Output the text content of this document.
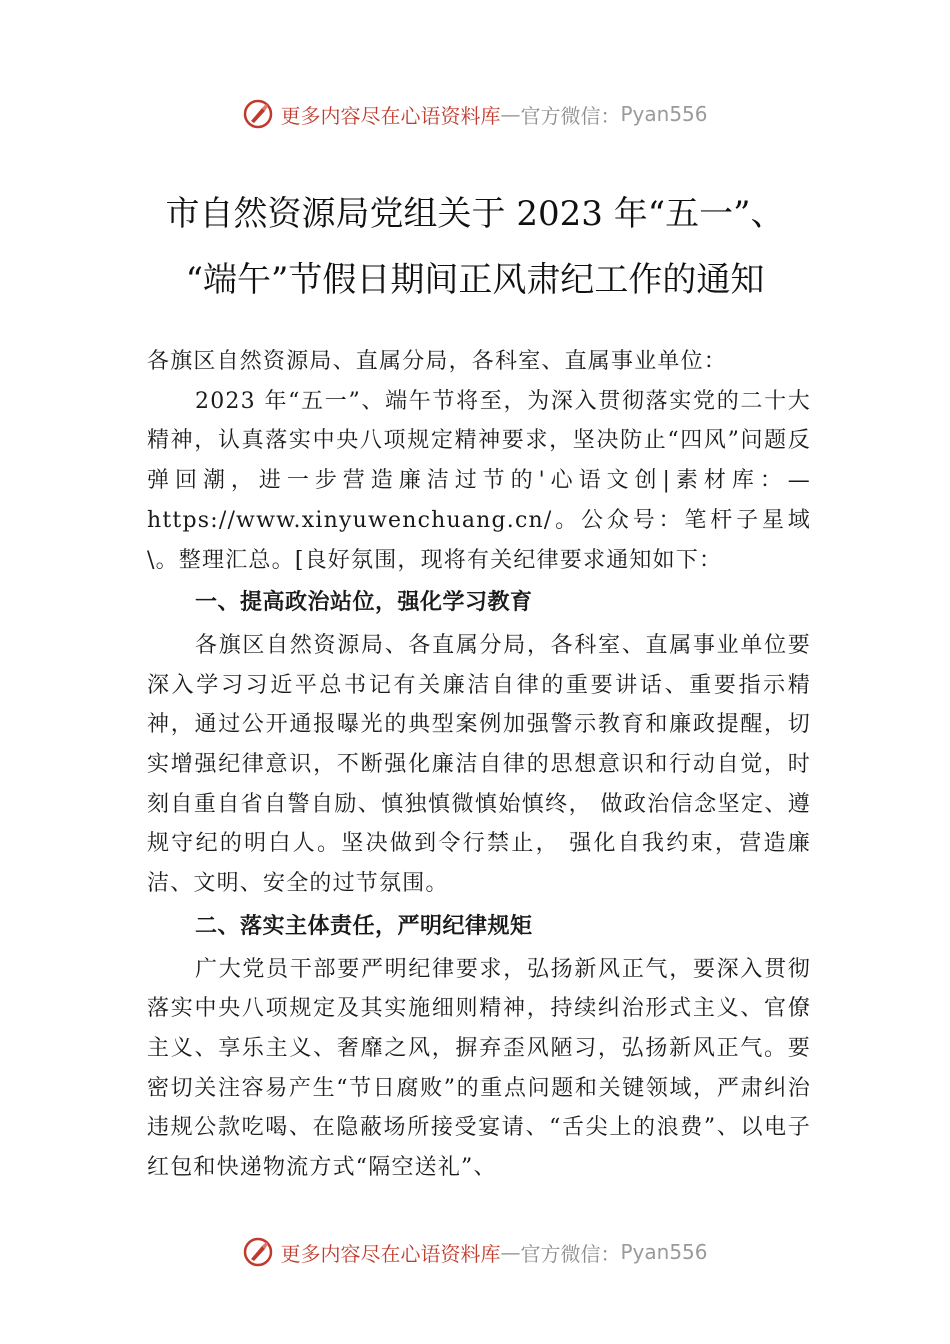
更多内容尽在心语资料库 — 官方微信： Pyan556
市自然资源局党组关于 2023 年“五一”、
“端午”节假日期间正风肃纪工作的通知

各旗区自然资源局、直属分局，各科室、直属事业单位：

2023 年“五一”、端午节将至，为深入贯彻落实党的二十大精神，认真落实中央八项规定精神要求，坚决防止“四风”问题反弹回潮，进一步营造廉洁过节的'心语文创|素材库：—https://www.xinyuwenchuang.cn/。公众号：笔杆子星域\。整理汇总。[良好氛围，现将有关纪律要求通知如下：

一、提高政治站位，强化学习教育

各旗区自然资源局、各直属分局，各科室、直属事业单位要深入学习习近平总书记有关廉洁自律的重要讲话、重要指示精神，通过公开通报曝光的典型案例加强警示教育和廉政提醒，切实增强纪律意识，不断强化廉洁自律的思想意识和行动自觉，时刻自重自省自警自励、慎独慎微慎始慎终， 做政治信念坚定、遵规守纪的明白人。坚决做到令行禁止， 强化自我约束，营造廉洁、文明、安全的过节氛围。

二、落实主体责任，严明纪律规矩

广大党员干部要严明纪律要求，弘扬新风正气，要深入贯彻落实中央八项规定及其实施细则精神，持续纠治形式主义、官僚主义、享乐主义、奢靡之风，摒弃歪风陋习，弘扬新风正气。要密切关注容易产生“节日腐败”的重点问题和关键领域，严肃纠治违规公款吃喝、在隐蔽场所接受宴请、“舌尖上的浪费”、以电子红包和快递物流方式“隔空送礼”、

更多内容尽在心语资料库 — 官方微信： Pyan556
